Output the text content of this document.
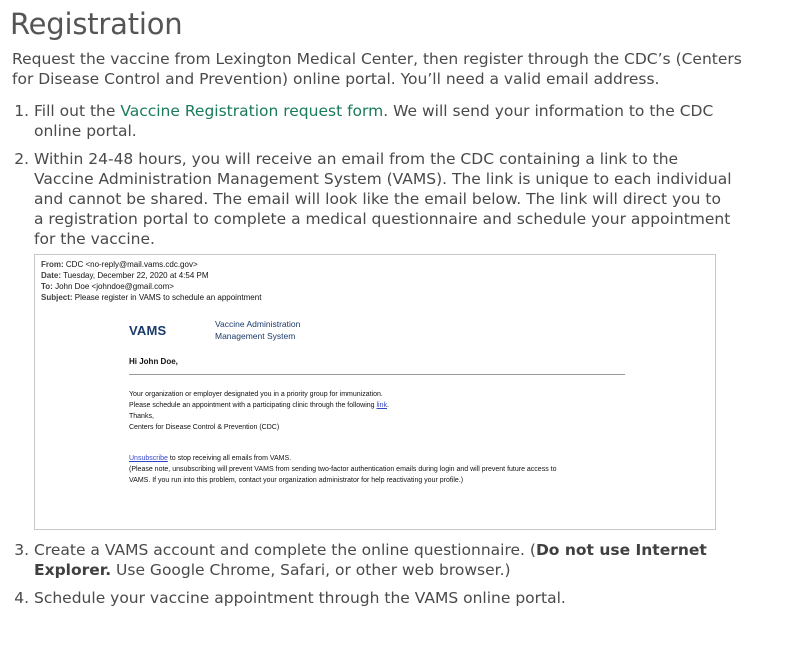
Registration

Request the vaccine from Lexington Medical Center, then register through the CDC’s (Centers for Disease Control and Prevention) online portal. You’ll need a valid email address.

1. Fill out the Vaccine Registration request form. We will send your information to the CDC online portal.
2. Within 24-48 hours, you will receive an email from the CDC containing a link to the Vaccine Administration Management System (VAMS). The link is unique to each individual and cannot be shared. The email will look like the email below. The link will direct you to a registration portal to complete a medical questionnaire and schedule your appointment for the vaccine.
From: CDC <no-reply@mail.vams.cdc.gov>
Date: Tuesday, December 22, 2020 at 4:54 PM
To: John Doe <johndoe@gmail.com>
Subject: Please register in VAMS to schedule an appointment
VAMS	Vaccine Administration
Management System
Hi John Doe,
Your organization or employer designated you in a priority group for immunization.
Please schedule an appointment with a participating clinic through the following link.
Thanks,
Centers for Disease Control & Prevention (CDC)
Unsubscribe to stop receiving all emails from VAMS.
(Please note, unsubscribing will prevent VAMS from sending two-factor authentication emails during login and will prevent future access to
VAMS. If you run into this problem, contact your organization administrator for help reactivating your profile.)
3. Create a VAMS account and complete the online questionnaire. (Do not use Internet Explorer. Use Google Chrome, Safari, or other web browser.)
4. Schedule your vaccine appointment through the VAMS online portal.
